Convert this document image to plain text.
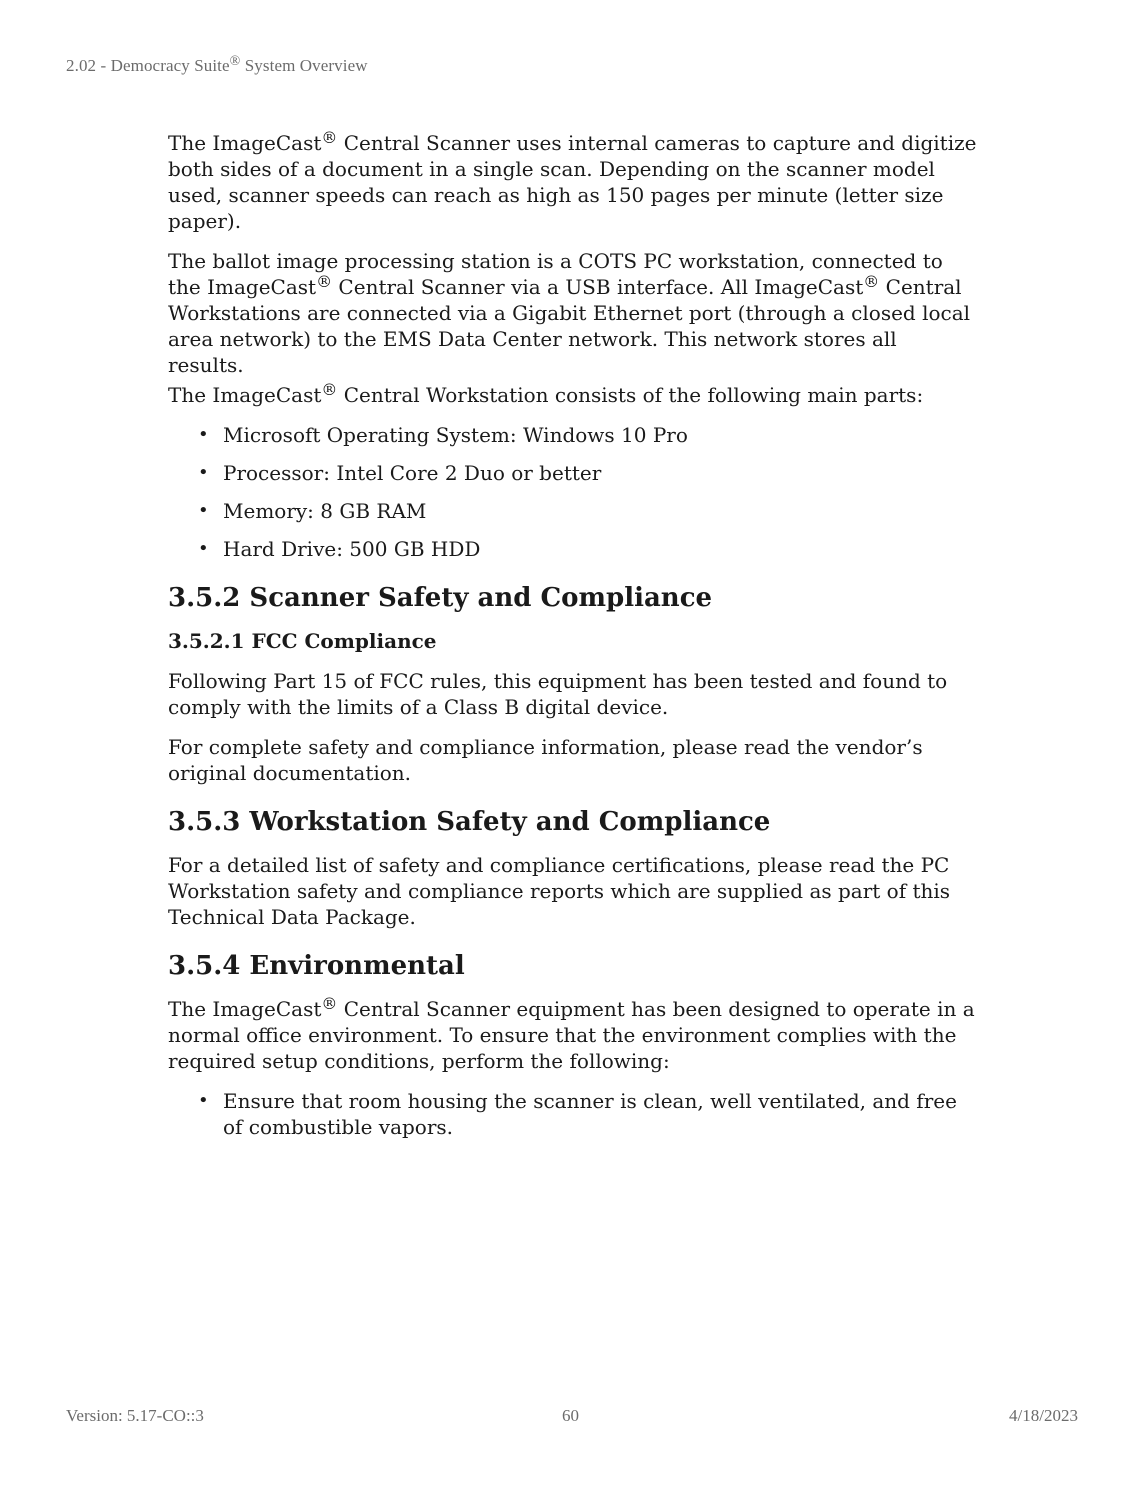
2.02 - Democracy Suite® System Overview

The ImageCast® Central Scanner uses internal cameras to capture and digitize both sides of a document in a single scan. Depending on the scanner model used, scanner speeds can reach as high as 150 pages per minute (letter size paper).

The ballot image processing station is a COTS PC workstation, connected to the ImageCast® Central Scanner via a USB interface. All ImageCast® Central Workstations are connected via a Gigabit Ethernet port (through a closed local area network) to the EMS Data Center network. This network stores all results.

The ImageCast® Central Workstation consists of the following main parts:

• Microsoft Operating System: Windows 10 Pro
• Processor: Intel Core 2 Duo or better
• Memory: 8 GB RAM
• Hard Drive: 500 GB HDD
3.5.2 Scanner Safety and Compliance
3.5.2.1 FCC Compliance

Following Part 15 of FCC rules, this equipment has been tested and found to comply with the limits of a Class B digital device.

For complete safety and compliance information, please read the vendor’s original documentation.

3.5.3 Workstation Safety and Compliance

For a detailed list of safety and compliance certifications, please read the PC Workstation safety and compliance reports which are supplied as part of this Technical Data Package.

3.5.4 Environmental

The ImageCast® Central Scanner equipment has been designed to operate in a normal office environment. To ensure that the environment complies with the required setup conditions, perform the following:

• Ensure that room housing the scanner is clean, well ventilated, and free of combustible vapors.
Version: 5.17-CO::3	60	4/18/2023
